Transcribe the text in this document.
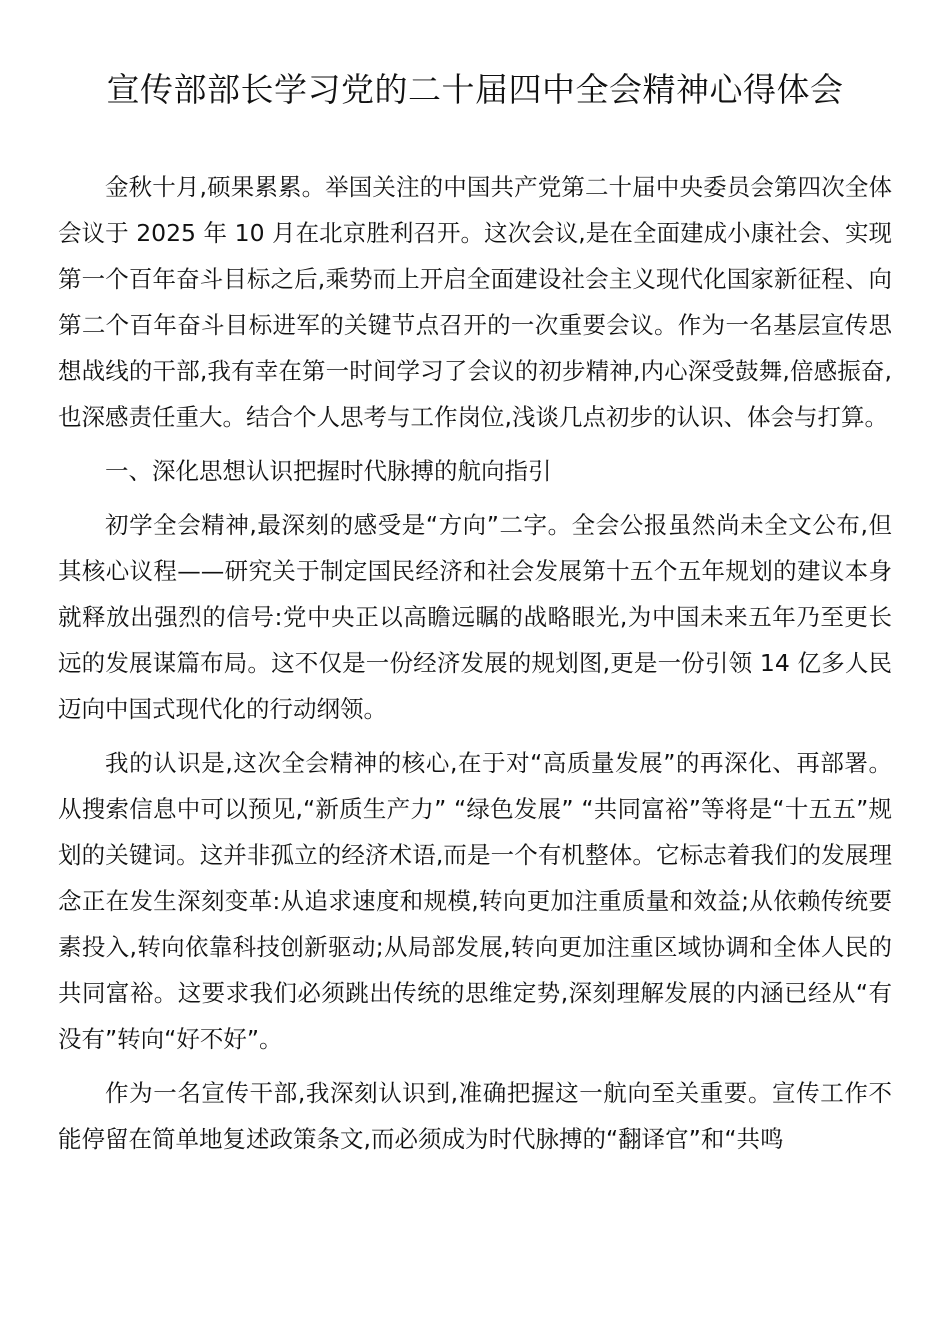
宣传部部长学习党的二十届四中全会精神心得体会

金秋十月,硕果累累。举国关注的中国共产党第二十届中央委员会第四次全体会议于 2025 年 10 月在北京胜利召开。这次会议,是在全面建成小康社会、实现第一个百年奋斗目标之后,乘势而上开启全面建设社会主义现代化国家新征程、向第二个百年奋斗目标进军的关键节点召开的一次重要会议。作为一名基层宣传思想战线的干部,我有幸在第一时间学习了会议的初步精神,内心深受鼓舞,倍感振奋,也深感责任重大。结合个人思考与工作岗位,浅谈几点初步的认识、体会与打算。

一、深化思想认识把握时代脉搏的航向指引

初学全会精神,最深刻的感受是“方向”二字。全会公报虽然尚未全文公布,但其核心议程——研究关于制定国民经济和社会发展第十五个五年规划的建议本身就释放出强烈的信号:党中央正以高瞻远瞩的战略眼光,为中国未来五年乃至更长远的发展谋篇布局。这不仅是一份经济发展的规划图,更是一份引领 14 亿多人民迈向中国式现代化的行动纲领。

我的认识是,这次全会精神的核心,在于对“高质量发展”的再深化、再部署。从搜索信息中可以预见,“新质生产力” “绿色发展” “共同富裕”等将是“十五五”规划的关键词。这并非孤立的经济术语,而是一个有机整体。它标志着我们的发展理念正在发生深刻变革:从追求速度和规模,转向更加注重质量和效益;从依赖传统要素投入,转向依靠科技创新驱动;从局部发展,转向更加注重区域协调和全体人民的共同富裕。这要求我们必须跳出传统的思维定势,深刻理解发展的内涵已经从“有没有”转向“好不好”。

作为一名宣传干部,我深刻认识到,准确把握这一航向至关重要。宣传工作不能停留在简单地复述政策条文,而必须成为时代脉搏的“翻译官”和“共鸣
